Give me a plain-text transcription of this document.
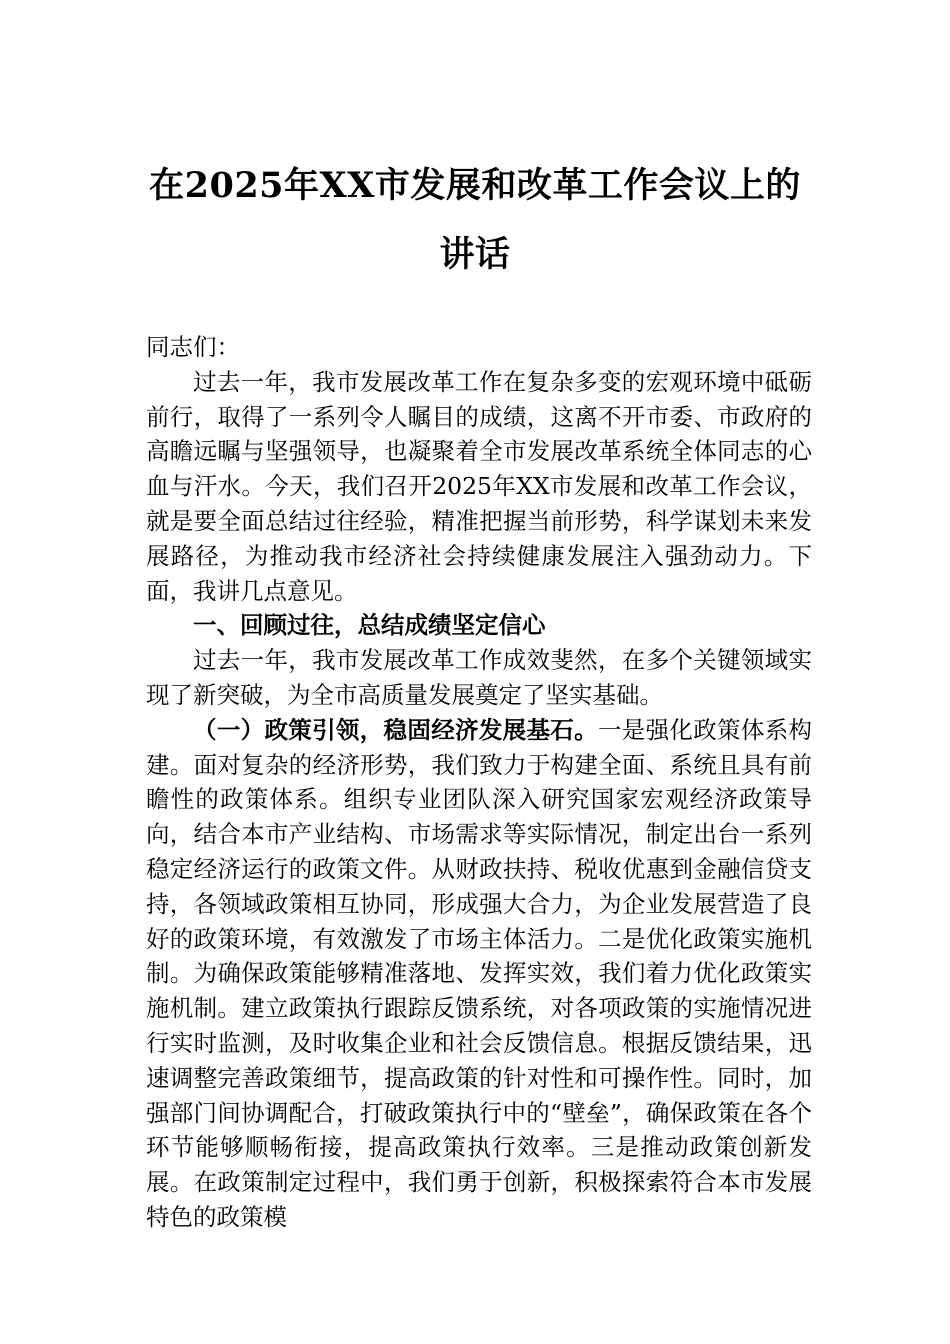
在2025年XX市发展和改革工作会议上的
讲话

同志们：

过去一年，我市发展改革工作在复杂多变的宏观环境中砥砺前行，取得了一系列令人瞩目的成绩，这离不开市委、市政府的高瞻远瞩与坚强领导，也凝聚着全市发展改革系统全体同志的心血与汗水。今天，我们召开2025年XX市发展和改革工作会议，就是要全面总结过往经验，精准把握当前形势，科学谋划未来发展路径，为推动我市经济社会持续健康发展注入强劲动力。下面，我讲几点意见。

一、回顾过往，总结成绩坚定信心

过去一年，我市发展改革工作成效斐然，在多个关键领域实现了新突破，为全市高质量发展奠定了坚实基础。

（一）政策引领，稳固经济发展基石。一是强化政策体系构建。面对复杂的经济形势，我们致力于构建全面、系统且具有前瞻性的政策体系。组织专业团队深入研究国家宏观经济政策导向，结合本市产业结构、市场需求等实际情况，制定出台一系列稳定经济运行的政策文件。从财政扶持、税收优惠到金融信贷支持，各领域政策相互协同，形成强大合力，为企业发展营造了良好的政策环境，有效激发了市场主体活力。二是优化政策实施机制。为确保政策能够精准落地、发挥实效，我们着力优化政策实施机制。建立政策执行跟踪反馈系统，对各项政策的实施情况进行实时监测，及时收集企业和社会反馈信息。根据反馈结果，迅速调整完善政策细节，提高政策的针对性和可操作性。同时，加强部门间协调配合，打破政策执行中的“壁垒”，确保政策在各个环节能够顺畅衔接，提高政策执行效率。三是推动政策创新发展。在政策制定过程中，我们勇于创新，积极探索符合本市发展特色的政策模
